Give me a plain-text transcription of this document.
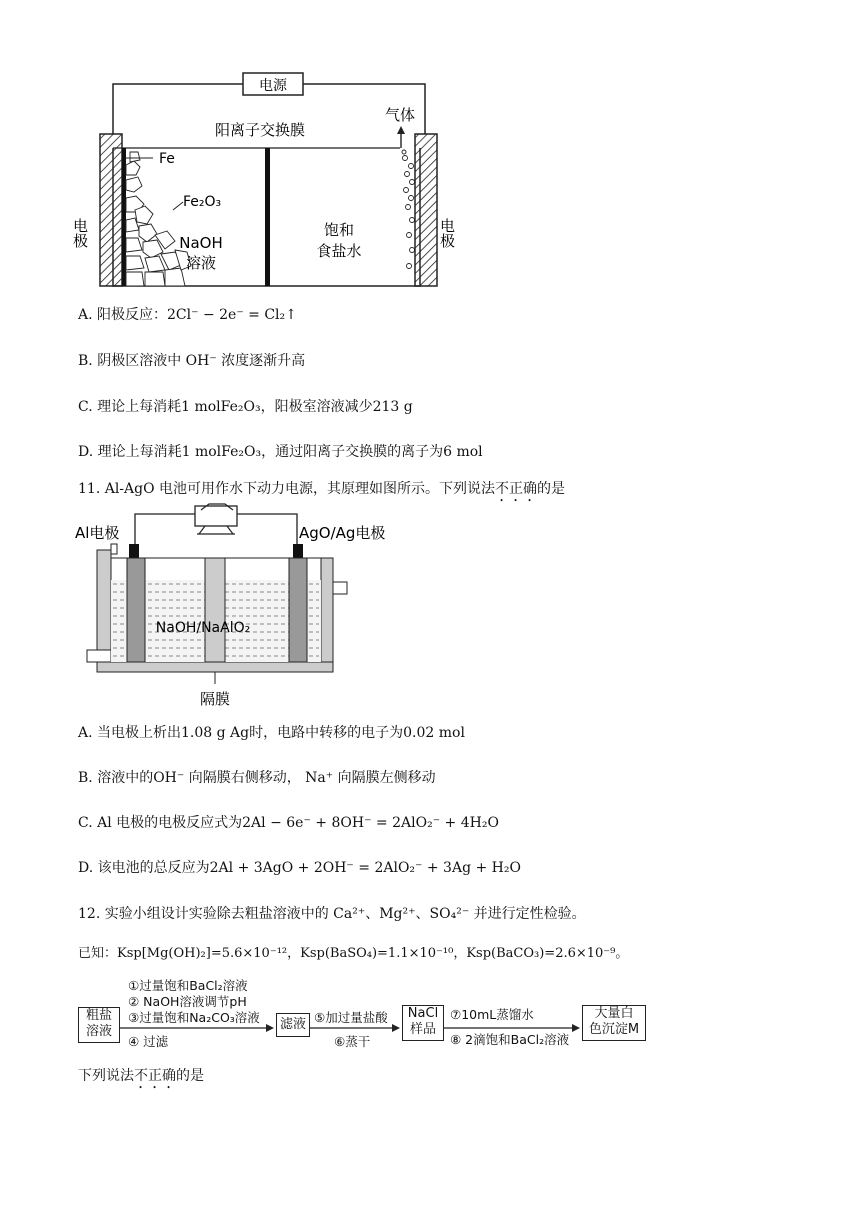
电源
阳离子交换膜
气体
Fe
Fe₂O₃
电极	电极
NaOH
溶液
饱和
食盐水
A. 阳极反应：2Cl⁻ − 2e⁻ = Cl₂↑
B. 阴极区溶液中 OH⁻ 浓度逐渐升高
C. 理论上每消耗1 molFe₂O₃，阳极室溶液减少213 g
D. 理论上每消耗1 molFe₂O₃，通过阳离子交换膜的离子为6 mol
11. Al-AgO 电池可用作水下动力电源，其原理如图所示。下列说法不正确的是
Al电极	AgO/Ag电极
NaOH/NaAlO₂
隔膜
A. 当电极上析出1.08 g Ag时，电路中转移的电子为0.02 mol
B. 溶液中的OH⁻ 向隔膜右侧移动， Na⁺ 向隔膜左侧移动
C. Al 电极的电极反应式为2Al − 6e⁻ + 8OH⁻ = 2AlO₂⁻ + 4H₂O
D. 该电池的总反应为2Al + 3AgO + 2OH⁻ = 2AlO₂⁻ + 3Ag + H₂O
12. 实验小组设计实验除去粗盐溶液中的 Ca²⁺、Mg²⁺、SO₄²⁻ 并进行定性检验。
已知：Ksp[Mg(OH)₂]=5.6×10⁻¹²，Ksp(BaSO₄)=1.1×10⁻¹⁰，Ksp(BaCO₃)=2.6×10⁻⁹。
粗盐
溶液
①过量饱和BaCl₂溶液
② NaOH溶液调节pH
③过量饱和Na₂CO₃溶液
④ 过滤
滤液 ⑤加过量盐酸
⑥蒸干
NaCl
样品
⑦10mL蒸馏水
⑧ 2滴饱和BaCl₂溶液
大量白
色沉淀M
下列说法不正确的是
